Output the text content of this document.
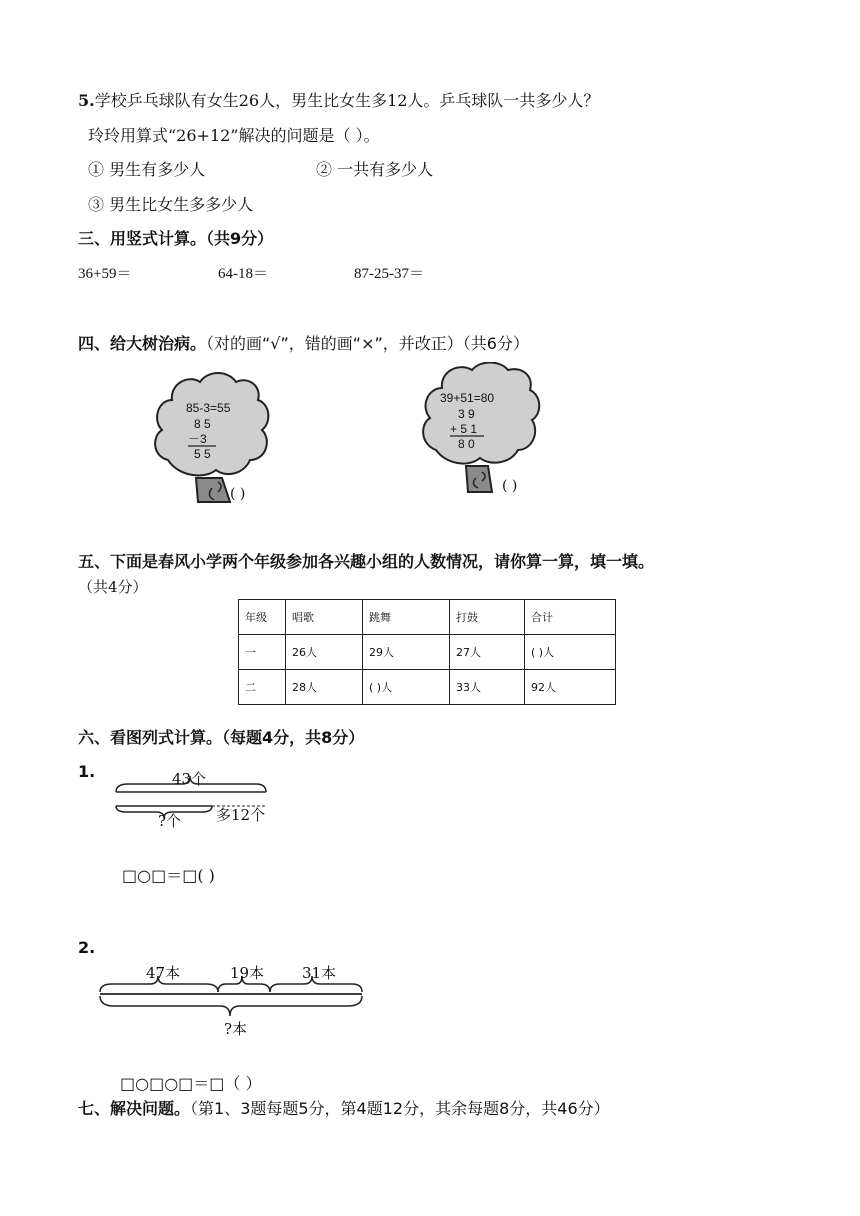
5.学校乒乓球队有女生26人，男生比女生多12人。乒乓球队一共多少人？
玲玲用算式“26+12”解决的问题是（ ）。
① 男生有多少人	② 一共有多少人
③ 男生比女生多多少人
三、用竖式计算。（共9分）
36+59＝	64-18＝	87-25-37＝
四、给大树治病。（对的画“√”，错的画“×”，并改正）（共6分）
85-3=55
8 5
－3
5 5
( )
39+51=80
3 9
+ 5 1
8 0
( )
五、下面是春风小学两个年级参加各兴趣小组的人数情况，请你算一算，填一填。
（共4分）
年级	唱歌	跳舞	打鼓	合计
一	26人	29人	27人	( )人
二	28人	( )人	33人	92人
六、看图列式计算。（每题4分，共8分）
1.	43个
?个 多12个
□○□＝□( )
2.
47本	19本	31本
?本
□○□○□＝□（ ）
七、解决问题。（第1、3题每题5分，第4题12分，其余每题8分，共46分）
